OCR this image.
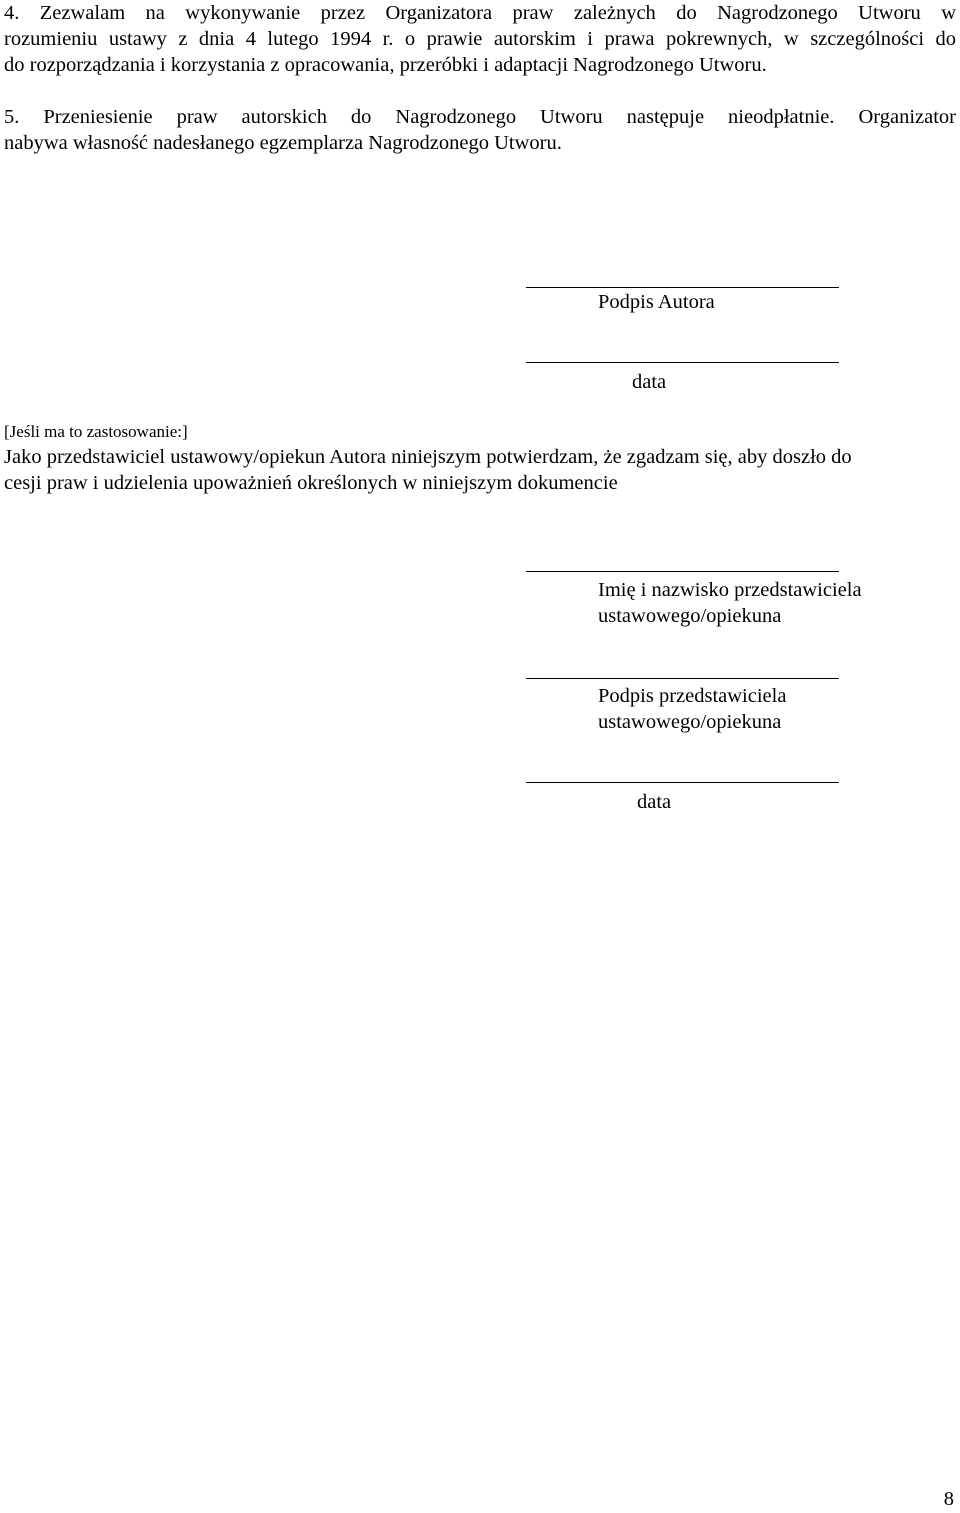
4. Zezwalam na wykonywanie przez Organizatora praw zależnych do Nagrodzonego Utworu w

rozumieniu ustawy z dnia 4 lutego 1994 r. o prawie autorskim i prawa pokrewnych, w szczególności do

do rozporządzania i korzystania z opracowania, przeróbki i adaptacji Nagrodzonego Utworu.

5. Przeniesienie praw autorskich do Nagrodzonego Utworu następuje nieodpłatnie. Organizator

nabywa własność nadesłanego egzemplarza Nagrodzonego Utworu.

Podpis Autora

data

[Jeśli ma to zastosowanie:]

Jako przedstawiciel ustawowy/opiekun Autora niniejszym potwierdzam, że zgadzam się, aby doszło do

cesji praw i udzielenia upoważnień określonych w niniejszym dokumencie

Imię i nazwisko przedstawiciela

ustawowego/opiekuna

Podpis przedstawiciela

ustawowego/opiekuna

data

8
